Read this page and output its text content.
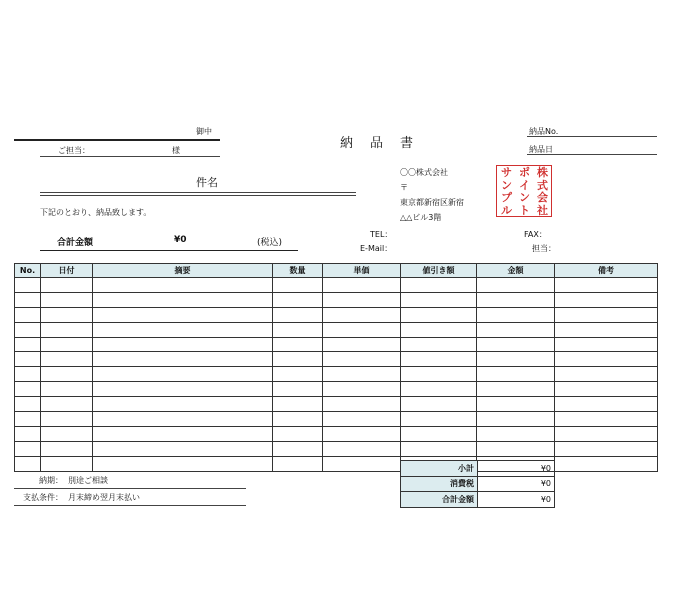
御中
ご担当：	様	納　品　書
納品No.
納品日
件名
下記のとおり、納品致します。
合計金額	¥0	(税込)
〇〇株式会社
〒
東京都新宿区新宿
△△ビル3階
TEL：
E-Mail：
FAX：
担当：
サ
ン
プ
ル
ポ
イ
ン
ト
株
式
会
社
No.	日付	摘要	数量	単価	値引き額	金額	備考

小計	¥0
消費税	¥0
合計金額	¥0
納期： 別途ご相談
支払条件： 月末締め翌月末払い
